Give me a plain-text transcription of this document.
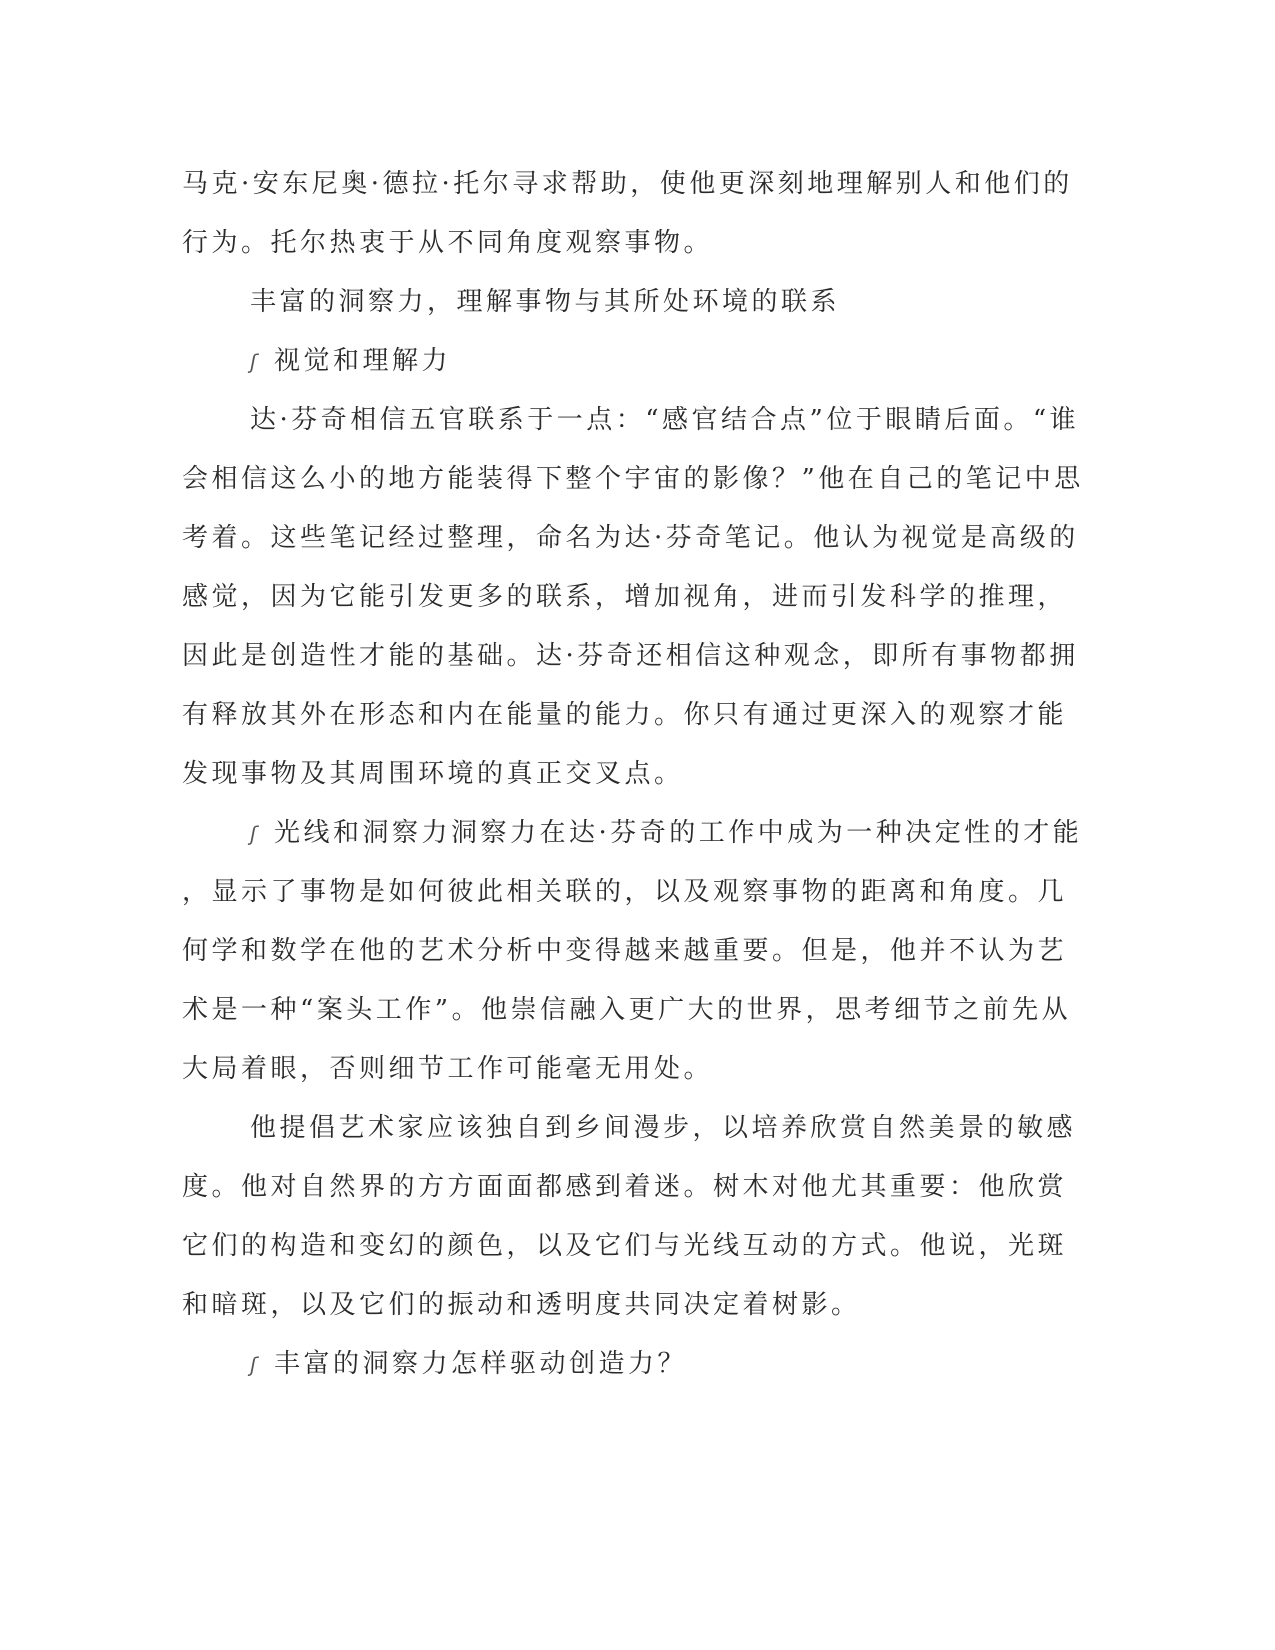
马克·安东尼奥·德拉·托尔寻求帮助，使他更深刻地理解别人和他们的
行为。托尔热衷于从不同角度观察事物。
丰富的洞察力，理解事物与其所处环境的联系
ʃ 视觉和理解力
达·芬奇相信五官联系于一点：“感官结合点”位于眼睛后面。“谁
会相信这么小的地方能装得下整个宇宙的影像？”他在自己的笔记中思
考着。这些笔记经过整理，命名为达·芬奇笔记。他认为视觉是高级的
感觉，因为它能引发更多的联系，增加视角，进而引发科学的推理，
因此是创造性才能的基础。达·芬奇还相信这种观念，即所有事物都拥
有释放其外在形态和内在能量的能力。你只有通过更深入的观察才能
发现事物及其周围环境的真正交叉点。
ʃ 光线和洞察力洞察力在达·芬奇的工作中成为一种决定性的才能
，显示了事物是如何彼此相关联的，以及观察事物的距离和角度。几
何学和数学在他的艺术分析中变得越来越重要。但是，他并不认为艺
术是一种“案头工作”。他崇信融入更广大的世界，思考细节之前先从
大局着眼，否则细节工作可能毫无用处。
他提倡艺术家应该独自到乡间漫步，以培养欣赏自然美景的敏感
度。他对自然界的方方面面都感到着迷。树木对他尤其重要：他欣赏
它们的构造和变幻的颜色，以及它们与光线互动的方式。他说，光斑
和暗斑，以及它们的振动和透明度共同决定着树影。
ʃ 丰富的洞察力怎样驱动创造力？
